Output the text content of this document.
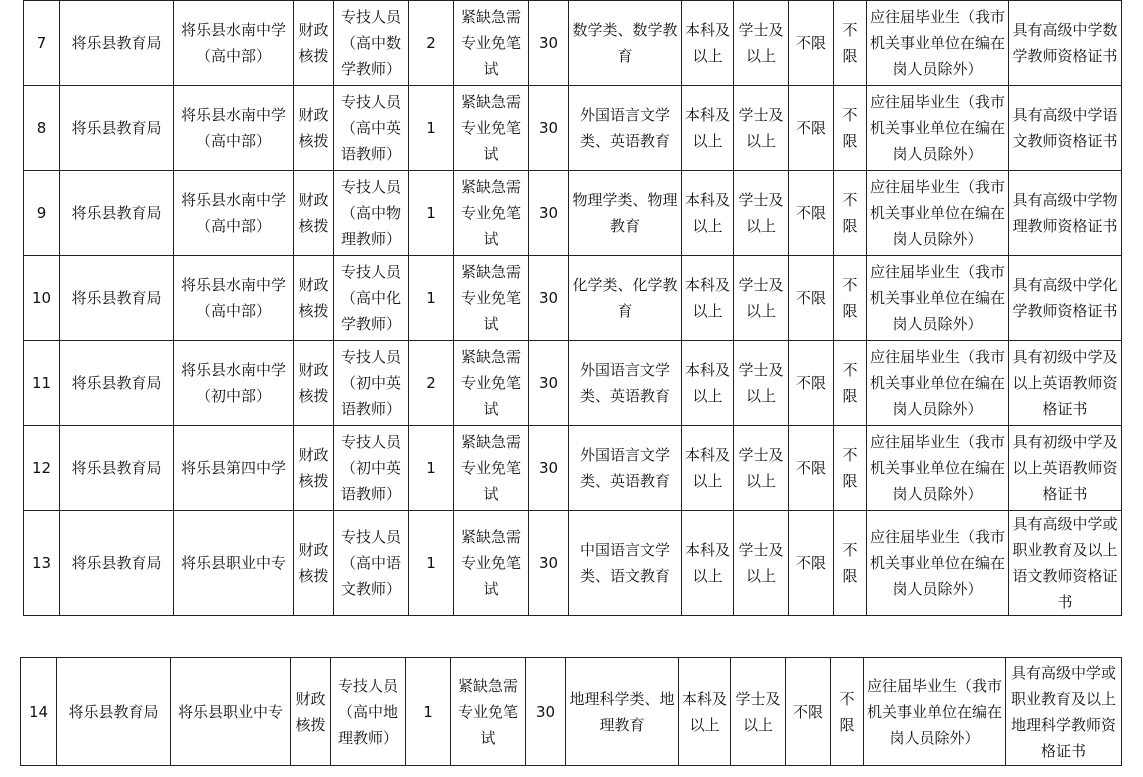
7	将乐县教育局	将乐县水南中学（高中部）	财政核拨	专技人员（高中数学教师）	2	紧缺急需专业免笔试	30	数学类、数学教育	本科及以上	学士及以上	不限	不限	应往届毕业生（我市机关事业单位在编在岗人员除外）	具有高级中学数学教师资格证书
8	将乐县教育局	将乐县水南中学（高中部）	财政核拨	专技人员（高中英语教师）	1	紧缺急需专业免笔试	30	外国语言文学类、英语教育	本科及以上	学士及以上	不限	不限	应往届毕业生（我市机关事业单位在编在岗人员除外）	具有高级中学语文教师资格证书
9	将乐县教育局	将乐县水南中学（高中部）	财政核拨	专技人员（高中物理教师）	1	紧缺急需专业免笔试	30	物理学类、物理教育	本科及以上	学士及以上	不限	不限	应往届毕业生（我市机关事业单位在编在岗人员除外）	具有高级中学物理教师资格证书
10	将乐县教育局	将乐县水南中学（高中部）	财政核拨	专技人员（高中化学教师）	1	紧缺急需专业免笔试	30	化学类、化学教育	本科及以上	学士及以上	不限	不限	应往届毕业生（我市机关事业单位在编在岗人员除外）	具有高级中学化学教师资格证书
11	将乐县教育局	将乐县水南中学（初中部）	财政核拨	专技人员（初中英语教师）	2	紧缺急需专业免笔试	30	外国语言文学类、英语教育	本科及以上	学士及以上	不限	不限	应往届毕业生（我市机关事业单位在编在岗人员除外）	具有初级中学及以上英语教师资格证书
12	将乐县教育局	将乐县第四中学	财政核拨	专技人员（初中英语教师）	1	紧缺急需专业免笔试	30	外国语言文学类、英语教育	本科及以上	学士及以上	不限	不限	应往届毕业生（我市机关事业单位在编在岗人员除外）	具有初级中学及以上英语教师资格证书
13	将乐县教育局	将乐县职业中专	财政核拨	专技人员（高中语文教师）	1	紧缺急需专业免笔试	30	中国语言文学类、语文教育	本科及以上	学士及以上	不限	不限	应往届毕业生（我市机关事业单位在编在岗人员除外）	具有高级中学或职业教育及以上语文教师资格证书
14	将乐县教育局	将乐县职业中专	财政核拨	专技人员（高中地理教师）	1	紧缺急需专业免笔试	30	地理科学类、地理教育	本科及以上	学士及以上	不限	不限	应往届毕业生（我市机关事业单位在编在岗人员除外）	具有高级中学或职业教育及以上地理科学教师资格证书
